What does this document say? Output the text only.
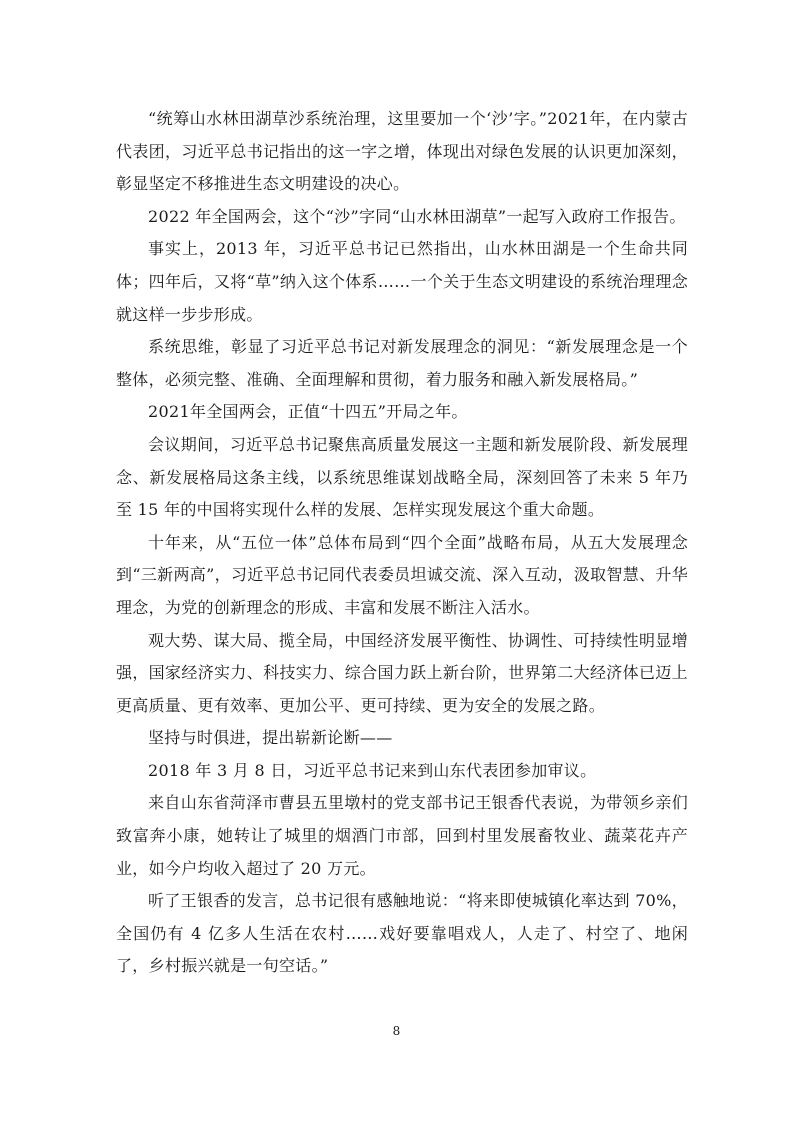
“统筹山水林田湖草沙系统治理，这里要加一个‘沙’字。”2021年，在内蒙古代表团，习近平总书记指出的这一字之增，体现出对绿色发展的认识更加深刻，彰显坚定不移推进生态文明建设的决心。

2022 年全国两会，这个“沙”字同“山水林田湖草”一起写入政府工作报告。

事实上，2013 年，习近平总书记已然指出，山水林田湖是一个生命共同体；四年后，又将“草”纳入这个体系……一个关于生态文明建设的系统治理理念就这样一步步形成。

系统思维，彰显了习近平总书记对新发展理念的洞见：“新发展理念是一个整体，必须完整、准确、全面理解和贯彻，着力服务和融入新发展格局。”

2021年全国两会，正值“十四五”开局之年。

会议期间，习近平总书记聚焦高质量发展这一主题和新发展阶段、新发展理念、新发展格局这条主线，以系统思维谋划战略全局，深刻回答了未来 5 年乃至 15 年的中国将实现什么样的发展、怎样实现发展这个重大命题。

十年来，从“五位一体”总体布局到“四个全面”战略布局，从五大发展理念到“三新两高”，习近平总书记同代表委员坦诚交流、深入互动，汲取智慧、升华理念，为党的创新理念的形成、丰富和发展不断注入活水。

观大势、谋大局、揽全局，中国经济发展平衡性、协调性、可持续性明显增强，国家经济实力、科技实力、综合国力跃上新台阶，世界第二大经济体已迈上更高质量、更有效率、更加公平、更可持续、更为安全的发展之路。

坚持与时俱进，提出崭新论断——

2018 年 3 月 8 日，习近平总书记来到山东代表团参加审议。

来自山东省菏泽市曹县五里墩村的党支部书记王银香代表说，为带领乡亲们致富奔小康，她转让了城里的烟酒门市部，回到村里发展畜牧业、蔬菜花卉产业，如今户均收入超过了 20 万元。

听了王银香的发言，总书记很有感触地说：“将来即使城镇化率达到 70%，全国仍有 4 亿多人生活在农村……戏好要靠唱戏人，人走了、村空了、地闲了，乡村振兴就是一句空话。”

8
